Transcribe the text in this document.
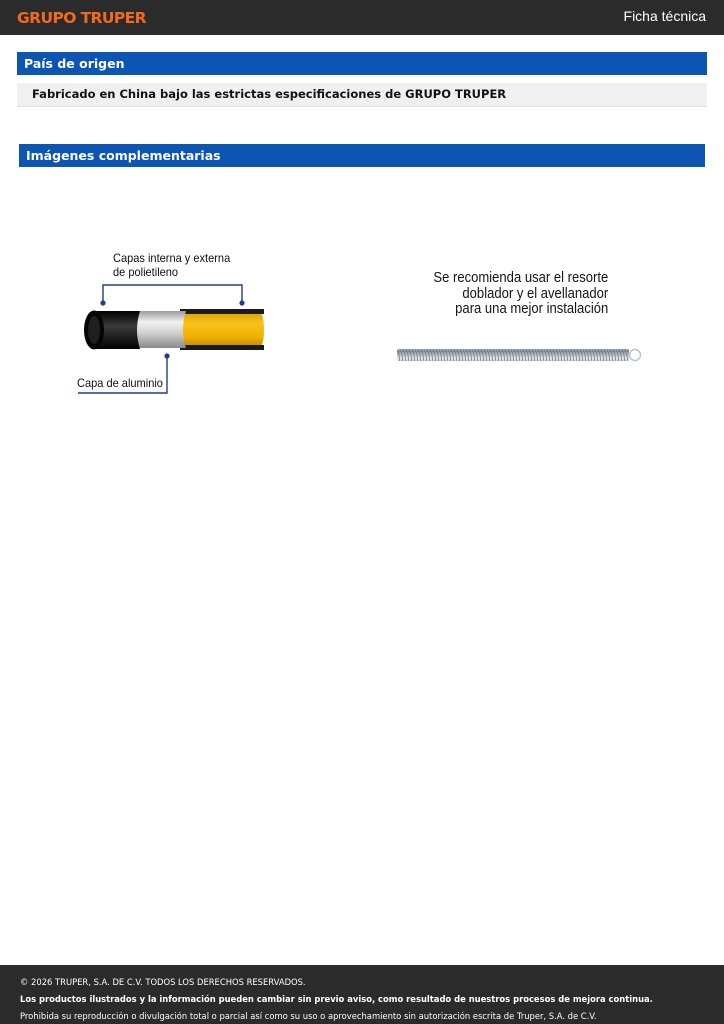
GRUPO TRUPER	Ficha técnica
País de origen
Fabricado en China bajo las estrictas especificaciones de GRUPO TRUPER
Imágenes complementarias
Capas interna y externa
de polietileno
Capa de aluminio
Se recomienda usar el resorte
doblador y el avellanador
para una mejor instalación
© 2026 TRUPER, S.A. DE C.V. TODOS LOS DERECHOS RESERVADOS.
Los productos ilustrados y la información pueden cambiar sin previo aviso, como resultado de nuestros procesos de mejora continua.
Prohibida su reproducción o divulgación total o parcial así como su uso o aprovechamiento sin autorización escrita de Truper, S.A. de C.V.
